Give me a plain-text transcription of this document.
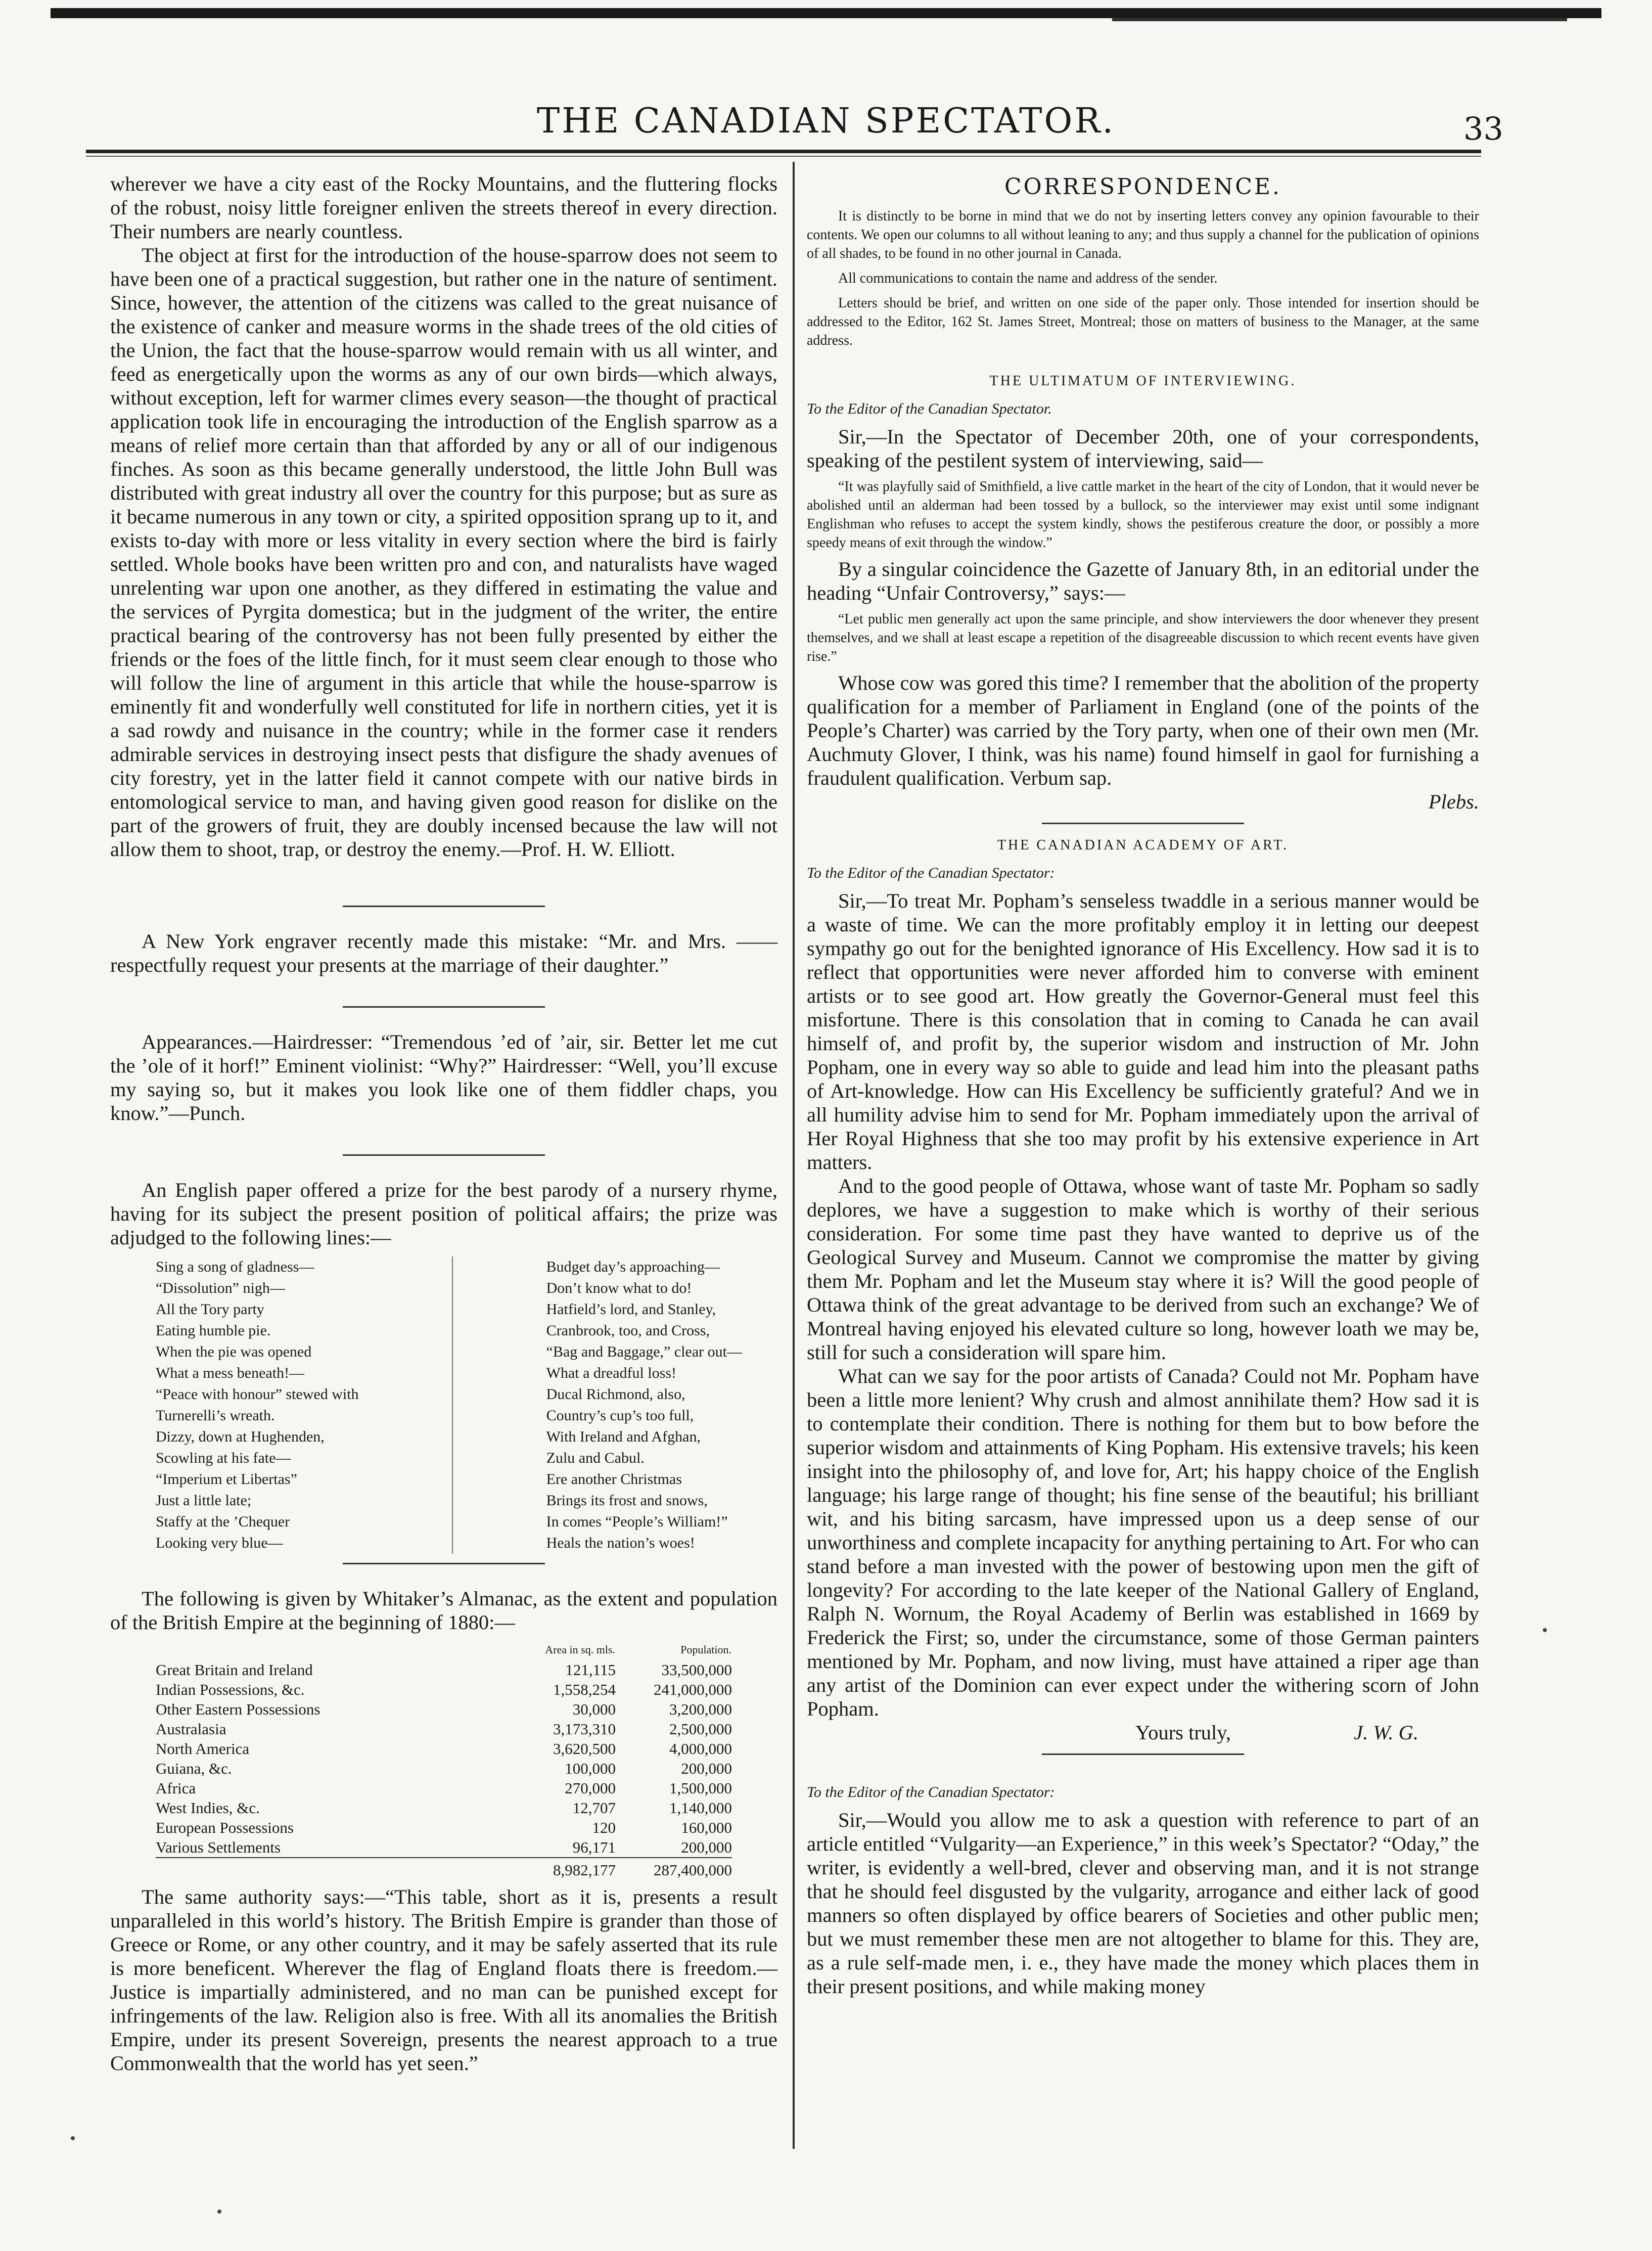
THE CANADIAN SPECTATOR.	33

wherever we have a city east of the Rocky Mountains, and the fluttering flocks of the robust, noisy little foreigner enliven the streets thereof in every direction. Their numbers are nearly countless.

The object at first for the introduction of the house-sparrow does not seem to have been one of a practical suggestion, but rather one in the nature of sentiment. Since, however, the attention of the citizens was called to the great nuisance of the existence of canker and measure worms in the shade trees of the old cities of the Union, the fact that the house-sparrow would remain with us all winter, and feed as energetically upon the worms as any of our own birds—which always, without exception, left for warmer climes every season—the thought of practical application took life in encouraging the introduction of the English sparrow as a means of relief more certain than that afforded by any or all of our indigenous finches. As soon as this became generally understood, the little John Bull was distributed with great industry all over the country for this purpose; but as sure as it became numerous in any town or city, a spirited opposition sprang up to it, and exists to-day with more or less vitality in every section where the bird is fairly settled. Whole books have been written pro and con, and naturalists have waged unrelenting war upon one another, as they differed in estimating the value and the services of Pyrgita domestica; but in the judgment of the writer, the entire practical bearing of the controversy has not been fully presented by either the friends or the foes of the little finch, for it must seem clear enough to those who will follow the line of argument in this article that while the house-sparrow is eminently fit and wonderfully well constituted for life in northern cities, yet it is a sad rowdy and nuisance in the country; while in the former case it renders admirable services in destroying insect pests that disfigure the shady avenues of city forestry, yet in the latter field it cannot compete with our native birds in entomological service to man, and having given good reason for dislike on the part of the growers of fruit, they are doubly incensed because the law will not allow them to shoot, trap, or destroy the enemy.—Prof. H. W. Elliott.

A New York engraver recently made this mistake: “Mr. and Mrs. —— respectfully request your presents at the marriage of their daughter.”

Appearances.—Hairdresser: “Tremendous ’ed of ’air, sir. Better let me cut the ’ole of it horf!” Eminent violinist: “Why?” Hairdresser: “Well, you’ll excuse my saying so, but it makes you look like one of them fiddler chaps, you know.”—Punch.

An English paper offered a prize for the best parody of a nursery rhyme, having for its subject the present position of political affairs; the prize was adjudged to the following lines:—

Sing a song of gladness—
“Dissolution” nigh—
All the Tory party
Eating humble pie.
When the pie was opened
What a mess beneath!—
“Peace with honour” stewed with
Turnerelli’s wreath.
Dizzy, down at Hughenden,
Scowling at his fate—
“Imperium et Libertas”
Just a little late;
Staffy at the ’Chequer
Looking very blue—
Budget day’s approaching—
Don’t know what to do!
Hatfield’s lord, and Stanley,
Cranbrook, too, and Cross,
“Bag and Baggage,” clear out—
What a dreadful loss!
Ducal Richmond, also,
Country’s cup’s too full,
With Ireland and Afghan,
Zulu and Cabul.
Ere another Christmas
Brings its frost and snows,
In comes “People’s William!”
Heals the nation’s woes!

The following is given by Whitaker’s Almanac, as the extent and population of the British Empire at the beginning of 1880:—

	Area in sq. mls.	Population.
Great Britain and Ireland	121,115	33,500,000
Indian Possessions, &c.	1,558,254	241,000,000
Other Eastern Possessions	30,000	3,200,000
Australasia	3,173,310	2,500,000
North America	3,620,500	4,000,000
Guiana, &c.	100,000	200,000
Africa	270,000	1,500,000
West Indies, &c.	12,707	1,140,000
European Possessions	120	160,000
Various Settlements	96,171	200,000
	8,982,177	287,400,000

The same authority says:—“This table, short as it is, presents a result unparalleled in this world’s history. The British Empire is grander than those of Greece or Rome, or any other country, and it may be safely asserted that its rule is more beneficent. Wherever the flag of England floats there is freedom.—Justice is impartially administered, and no man can be punished except for infringements of the law. Religion also is free. With all its anomalies the British Empire, under its present Sovereign, presents the nearest approach to a true Commonwealth that the world has yet seen.”

CORRESPONDENCE.

It is distinctly to be borne in mind that we do not by inserting letters convey any opinion favourable to their contents. We open our columns to all without leaning to any; and thus supply a channel for the publication of opinions of all shades, to be found in no other journal in Canada.

All communications to contain the name and address of the sender.

Letters should be brief, and written on one side of the paper only. Those intended for insertion should be addressed to the Editor, 162 St. James Street, Montreal; those on matters of business to the Manager, at the same address.

THE ULTIMATUM OF INTERVIEWING.
To the Editor of the Canadian Spectator.

Sir,—In the Spectator of December 20th, one of your correspondents, speaking of the pestilent system of interviewing, said—

“It was playfully said of Smithfield, a live cattle market in the heart of the city of London, that it would never be abolished until an alderman had been tossed by a bullock, so the interviewer may exist until some indignant Englishman who refuses to accept the system kindly, shows the pestiferous creature the door, or possibly a more speedy means of exit through the window.”

By a singular coincidence the Gazette of January 8th, in an editorial under the heading “Unfair Controversy,” says:—

“Let public men generally act upon the same principle, and show interviewers the door whenever they present themselves, and we shall at least escape a repetition of the disagreeable discussion to which recent events have given rise.”

Whose cow was gored this time? I remember that the abolition of the property qualification for a member of Parliament in England (one of the points of the People’s Charter) was carried by the Tory party, when one of their own men (Mr. Auchmuty Glover, I think, was his name) found himself in gaol for furnishing a fraudulent qualification. Verbum sap.

Plebs.
THE CANADIAN ACADEMY OF ART.
To the Editor of the Canadian Spectator:

Sir,—To treat Mr. Popham’s senseless twaddle in a serious manner would be a waste of time. We can the more profitably employ it in letting our deepest sympathy go out for the benighted ignorance of His Excellency. How sad it is to reflect that opportunities were never afforded him to converse with eminent artists or to see good art. How greatly the Governor-General must feel this misfortune. There is this consolation that in coming to Canada he can avail himself of, and profit by, the superior wisdom and instruction of Mr. John Popham, one in every way so able to guide and lead him into the pleasant paths of Art-knowledge. How can His Excellency be sufficiently grateful? And we in all humility advise him to send for Mr. Popham immediately upon the arrival of Her Royal Highness that she too may profit by his extensive experience in Art matters.

And to the good people of Ottawa, whose want of taste Mr. Popham so sadly deplores, we have a suggestion to make which is worthy of their serious consideration. For some time past they have wanted to deprive us of the Geological Survey and Museum. Cannot we compromise the matter by giving them Mr. Popham and let the Museum stay where it is? Will the good people of Ottawa think of the great advantage to be derived from such an exchange? We of Montreal having enjoyed his elevated culture so long, however loath we may be, still for such a consideration will spare him.

What can we say for the poor artists of Canada? Could not Mr. Popham have been a little more lenient? Why crush and almost annihilate them? How sad it is to contemplate their condition. There is nothing for them but to bow before the superior wisdom and attainments of King Popham. His extensive travels; his keen insight into the philosophy of, and love for, Art; his happy choice of the English language; his large range of thought; his fine sense of the beautiful; his brilliant wit, and his biting sarcasm, have impressed upon us a deep sense of our unworthiness and complete incapacity for anything pertaining to Art. For who can stand before a man invested with the power of bestowing upon men the gift of longevity? For according to the late keeper of the National Gallery of England, Ralph N. Wornum, the Royal Academy of Berlin was established in 1669 by Frederick the First; so, under the circumstance, some of those German painters mentioned by Mr. Popham, and now living, must have attained a riper age than any artist of the Dominion can ever expect under the withering scorn of John Popham.

Yours truly,	J. W. G.
To the Editor of the Canadian Spectator:

Sir,—Would you allow me to ask a question with reference to part of an article entitled “Vulgarity—an Experience,” in this week’s Spectator? “Oday,” the writer, is evidently a well-bred, clever and observing man, and it is not strange that he should feel disgusted by the vulgarity, arrogance and either lack of good manners so often displayed by office bearers of Societies and other public men; but we must remember these men are not altogether to blame for this. They are, as a rule self-made men, i. e., they have made the money which places them in their present positions, and while making money
